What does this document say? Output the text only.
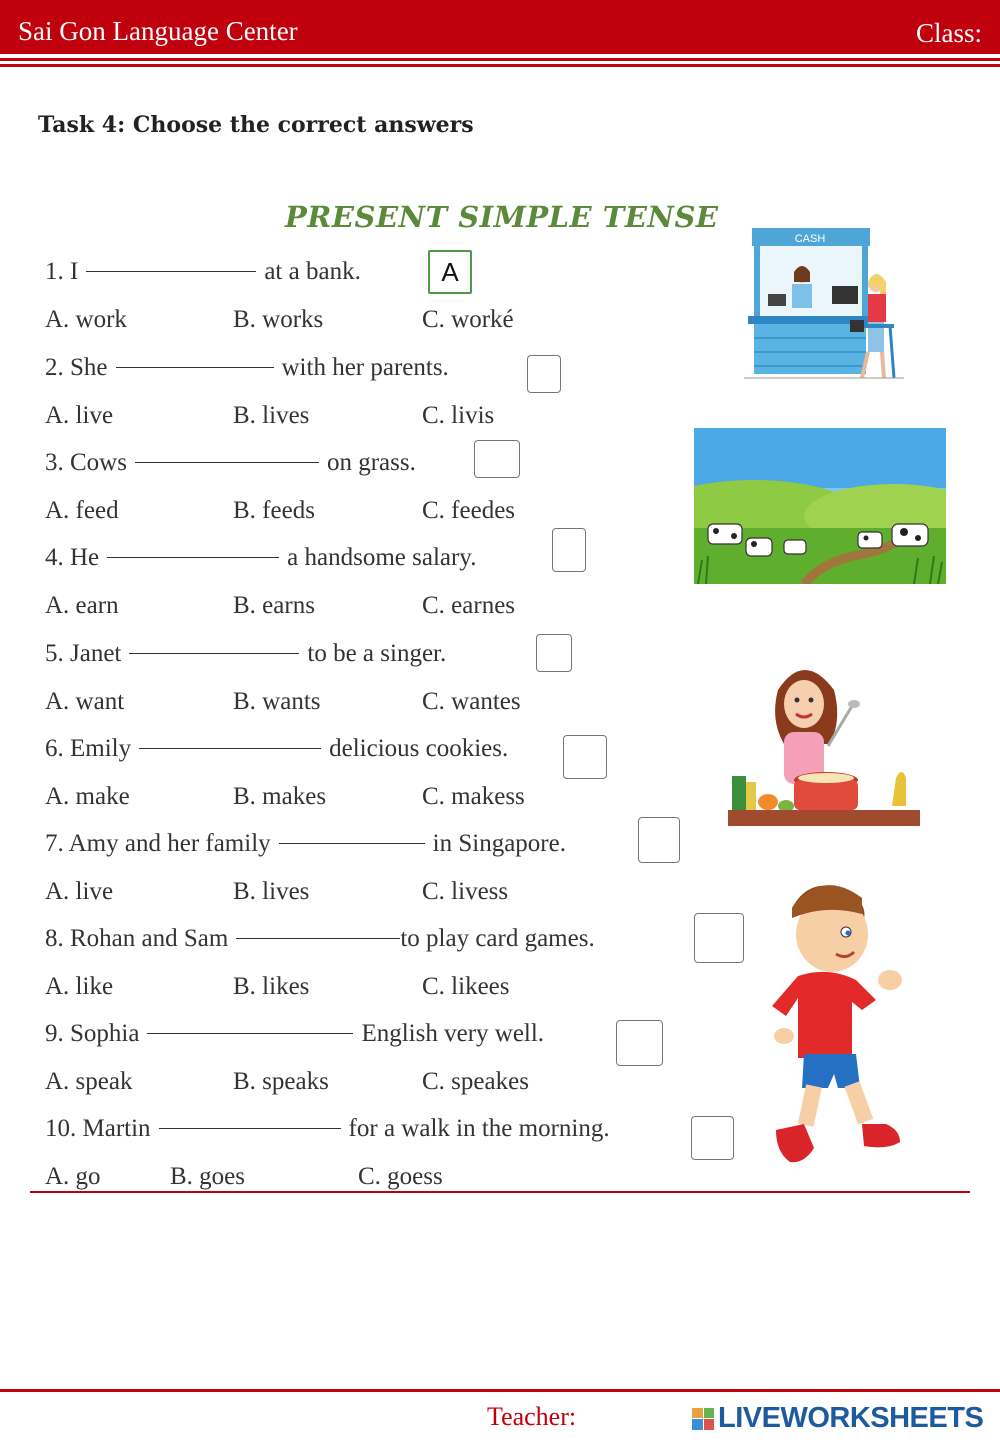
Sai Gon Language Center	Class:
Task 4: Choose the correct answers
PRESENT SIMPLE TENSE
1. I	at a bank.	A
A. work	B. works	C. worké
2. She	with her parents.
A. live	B. lives	C. livis
3. Cows	on grass.
A. feed	B. feeds	C. feedes
4. He	a handsome salary.
A. earn	B. earns	C. earnes
5. Janet	to be a singer.
A. want	B. wants	C. wantes
6. Emily	delicious cookies.
A. make	B. makes	C. makess
7. Amy and her family	in Singapore.
A. live	B. lives	C. livess
8. Rohan and Sam	to play card games.
A. like	B. likes	C. likees
9. Sophia	English very well.
A. speak	B. speaks	C. speakes
10. Martin	for a walk in the morning.
A. go	B. goes	C. goess
CASH
Teacher:	LIVEWORKSHEETS
